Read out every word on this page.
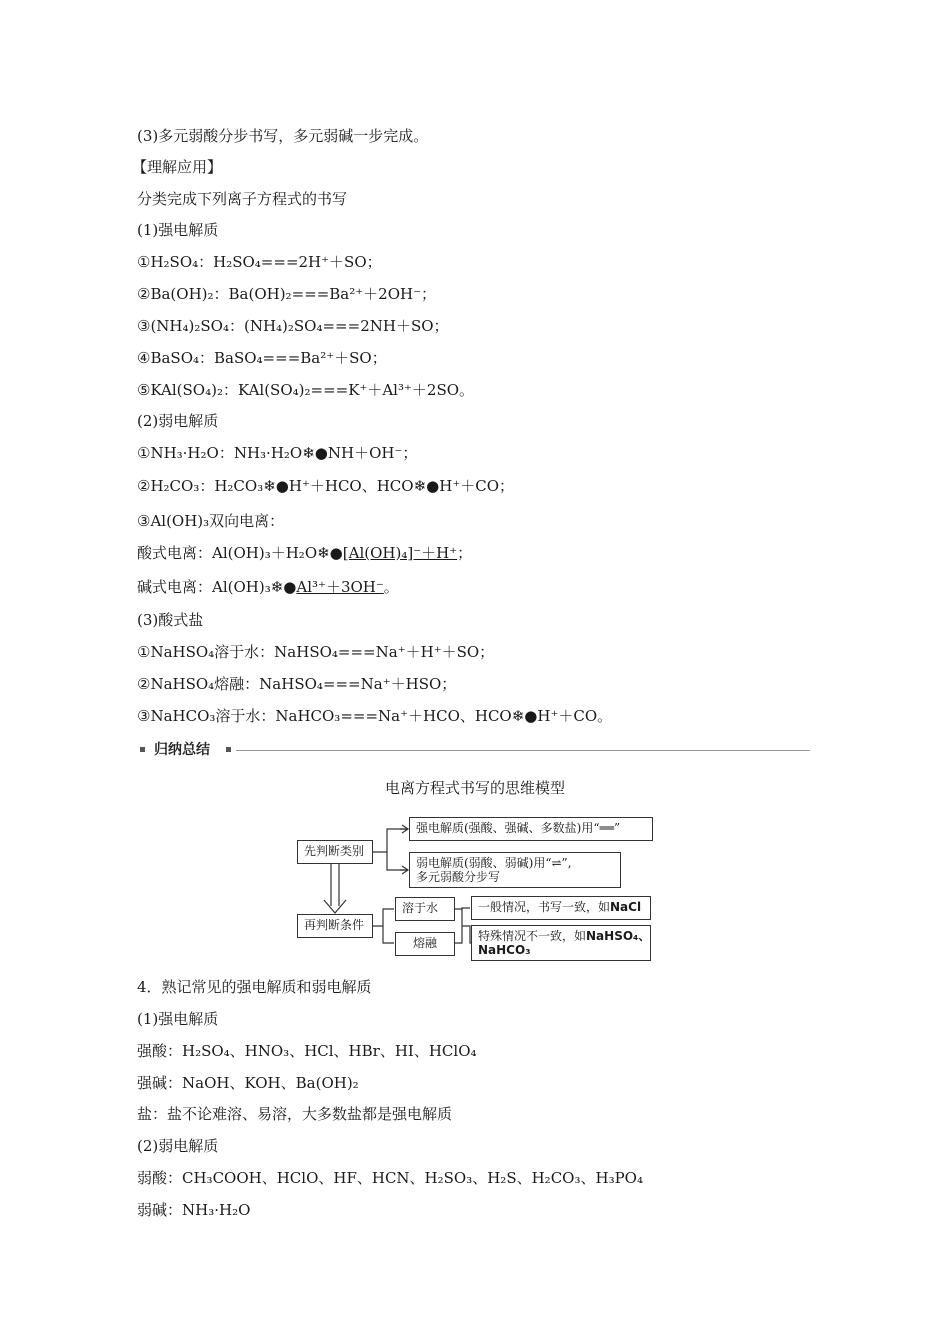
(3)多元弱酸分步书写，多元弱碱一步完成。
【理解应用】
分类完成下列离子方程式的书写
(1)强电解质
①H₂SO₄：H₂SO₄===2H⁺＋SO；
②Ba(OH)₂：Ba(OH)₂===Ba²⁺＋2OH⁻；
③(NH₄)₂SO₄：(NH₄)₂SO₄===2NH＋SO；
④BaSO₄：BaSO₄===Ba²⁺＋SO；
⑤KAl(SO₄)₂：KAl(SO₄)₂===K⁺＋Al³⁺＋2SO。
(2)弱电解质
①NH₃·H₂O：NH₃·H₂O❄●NH＋OH⁻；
②H₂CO₃：H₂CO₃❄●H⁺＋HCO、HCO❄●H⁺＋CO；
③Al(OH)₃双向电离：
酸式电离：Al(OH)₃＋H₂O❄●[Al(OH)₄]⁻＋H⁺；
碱式电离：Al(OH)₃❄●Al³⁺＋3OH⁻。
(3)酸式盐
①NaHSO₄溶于水：NaHSO₄===Na⁺＋H⁺＋SO；
②NaHSO₄熔融：NaHSO₄===Na⁺＋HSO；
③NaHCO₃溶于水：NaHCO₃===Na⁺＋HCO、HCO❄●H⁺＋CO。
归纳总结
电离方程式书写的思维模型
先判断类别
强电解质(强酸、强碱、多数盐)用“══”
弱电解质(弱酸、弱碱)用“⇌”,
多元弱酸分步写
再判断条件
溶于水
熔融
一般情况，书写一致，如NaCl
特殊情况不一致，如NaHSO₄、
NaHCO₃
4．熟记常见的强电解质和弱电解质
(1)强电解质
强酸：H₂SO₄、HNO₃、HCl、HBr、HI、HClO₄
强碱：NaOH、KOH、Ba(OH)₂
盐：盐不论难溶、易溶，大多数盐都是强电解质
(2)弱电解质
弱酸：CH₃COOH、HClO、HF、HCN、H₂SO₃、H₂S、H₂CO₃、H₃PO₄
弱碱：NH₃·H₂O
